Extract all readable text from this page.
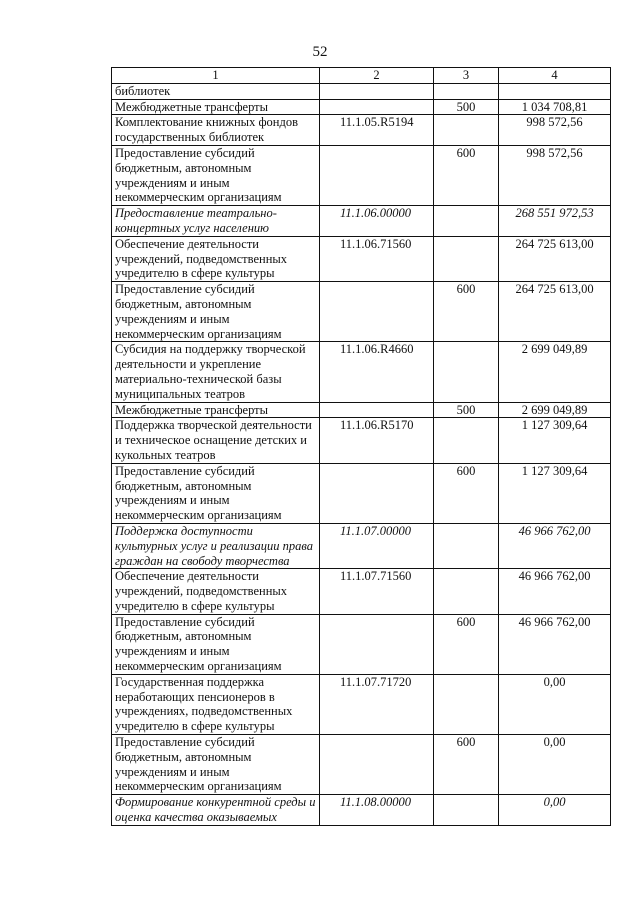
52
1	2	3	4
библиотек			
Межбюджетные трансферты		500	1 034 708,81
Комплектование книжных фондов государственных библиотек	11.1.05.R5194		998 572,56
Предоставление субсидий бюджетным, автономным учреждениям и иным некоммерческим организациям		600	998 572,56
Предоставление театрально-концертных услуг населению	11.1.06.00000		268 551 972,53
Обеспечение деятельности учреждений, подведомственных учредителю в сфере культуры	11.1.06.71560		264 725 613,00
Предоставление субсидий бюджетным, автономным учреждениям и иным некоммерческим организациям		600	264 725 613,00
Субсидия на поддержку творческой деятельности и укрепление материально-технической базы муниципальных театров	11.1.06.R4660		2 699 049,89
Межбюджетные трансферты		500	2 699 049,89
Поддержка творческой деятельности и техническое оснащение детских и кукольных театров	11.1.06.R5170		1 127 309,64
Предоставление субсидий бюджетным, автономным учреждениям и иным некоммерческим организациям		600	1 127 309,64
Поддержка доступности культурных услуг и реализации права граждан на свободу творчества	11.1.07.00000		46 966 762,00
Обеспечение деятельности учреждений, подведомственных учредителю в сфере культуры	11.1.07.71560		46 966 762,00
Предоставление субсидий бюджетным, автономным учреждениям и иным некоммерческим организациям		600	46 966 762,00
Государственная поддержка неработающих пенсионеров в учреждениях, подведомственных учредителю в сфере культуры	11.1.07.71720		0,00
Предоставление субсидий бюджетным, автономным учреждениям и иным некоммерческим организациям		600	0,00
Формирование конкурентной среды и оценка качества оказываемых	11.1.08.00000		0,00
